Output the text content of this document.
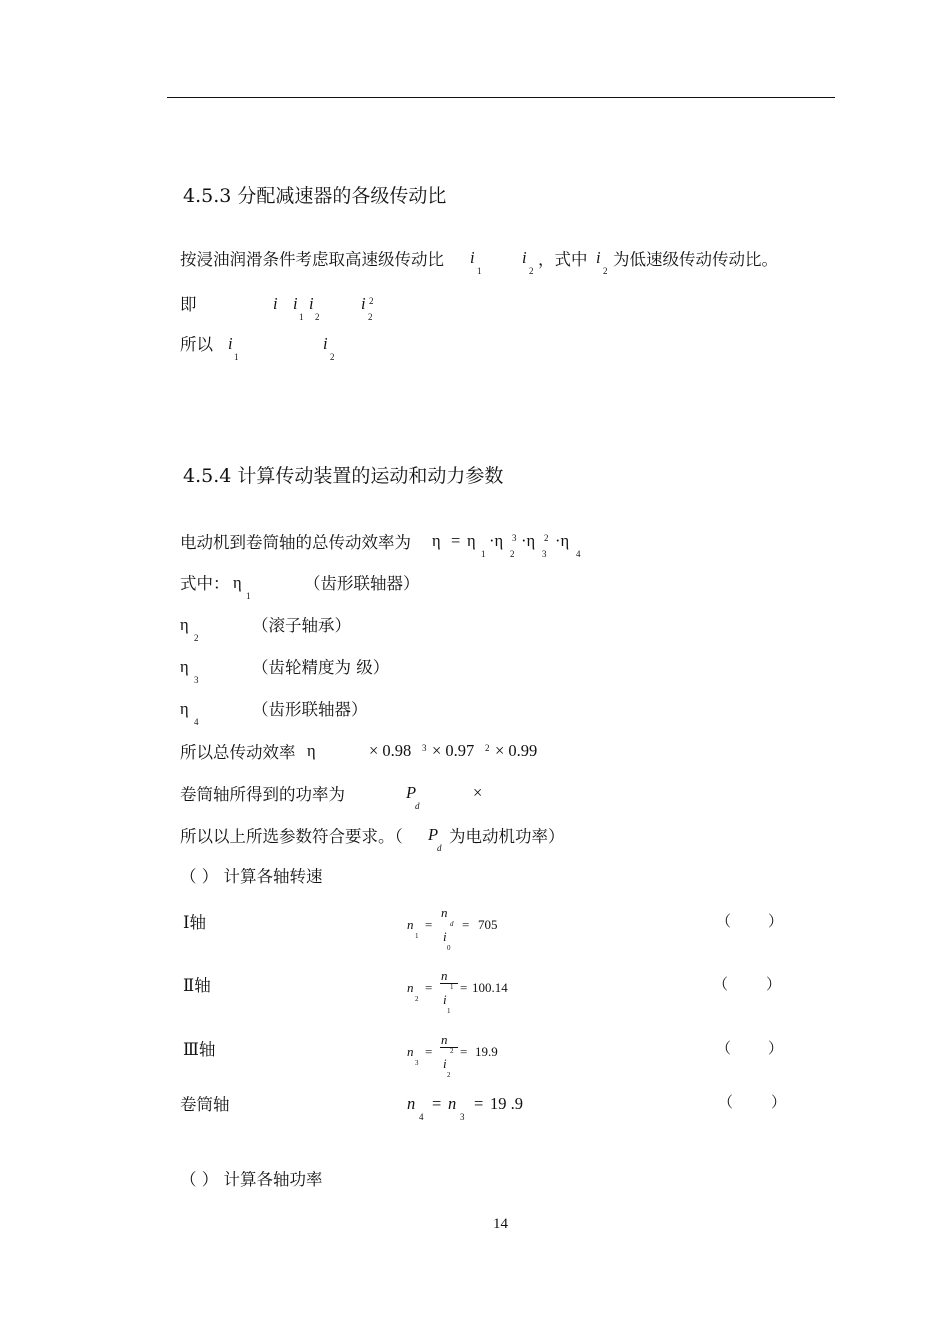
4.5.3 分配减速器的各级传动比
按浸油润滑条件考虑取高速级传动比 i
1
i
2
，式中 i
2
为低速级传动传动比。
即	i i
1
i
2
i 2
2
所以 i
1
i
2
4.5.4 计算传动装置的运动和动力参数
电动机到卷筒轴的总传动效率为 η = η
1
·η 3
2
·η 2
3
·η
4
式中： η
1
（齿形联轴器）
η
2
（滚子轴承）
η
3
（齿轮精度为 级）
η
4
（齿形联轴器）
所以总传动效率 η	× 0.98 3 × 0.97 2 × 0.99
卷筒轴所得到的功率为	P
d
×
所以以上所选参数符合要求。（ P
d
为电动机功率）
（ ） 计算各轴转速
Ⅰ轴	n
1
=
n
d
i
0
= 705	（ ）
Ⅱ轴	n
2
=
n
1
i
1
= 100.14	（	）
Ⅲ轴	n
3
=
n
2
i
2
= 19.9	（ ）
卷筒轴	n
4
= n
3
= 19 .9	（	）
（ ） 计算各轴功率
14
